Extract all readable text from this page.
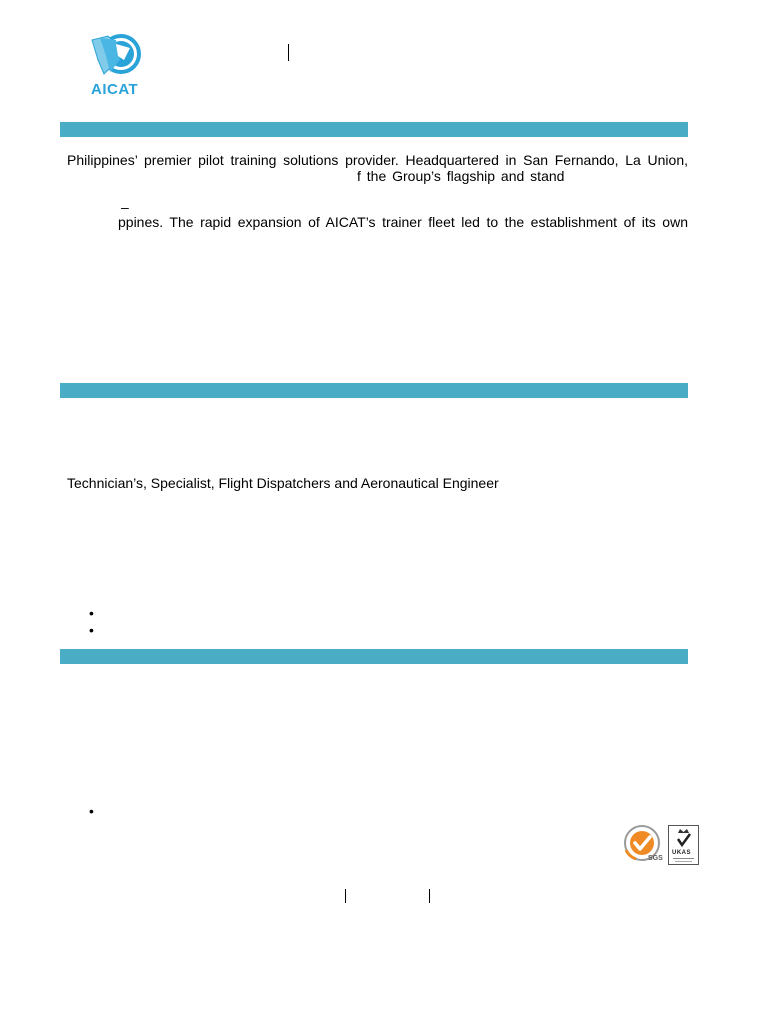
AICAT
Philippines’ premier pilot training solutions provider. Headquartered in San Fernando, La Union,
f the Group’s flagship and stand
–
ppines. The rapid expansion of AICAT’s trainer fleet led to the establishment of its own
Technician’s, Specialist, Flight Dispatchers and Aeronautical Engineer
•
•
•
SGS
UKAS
